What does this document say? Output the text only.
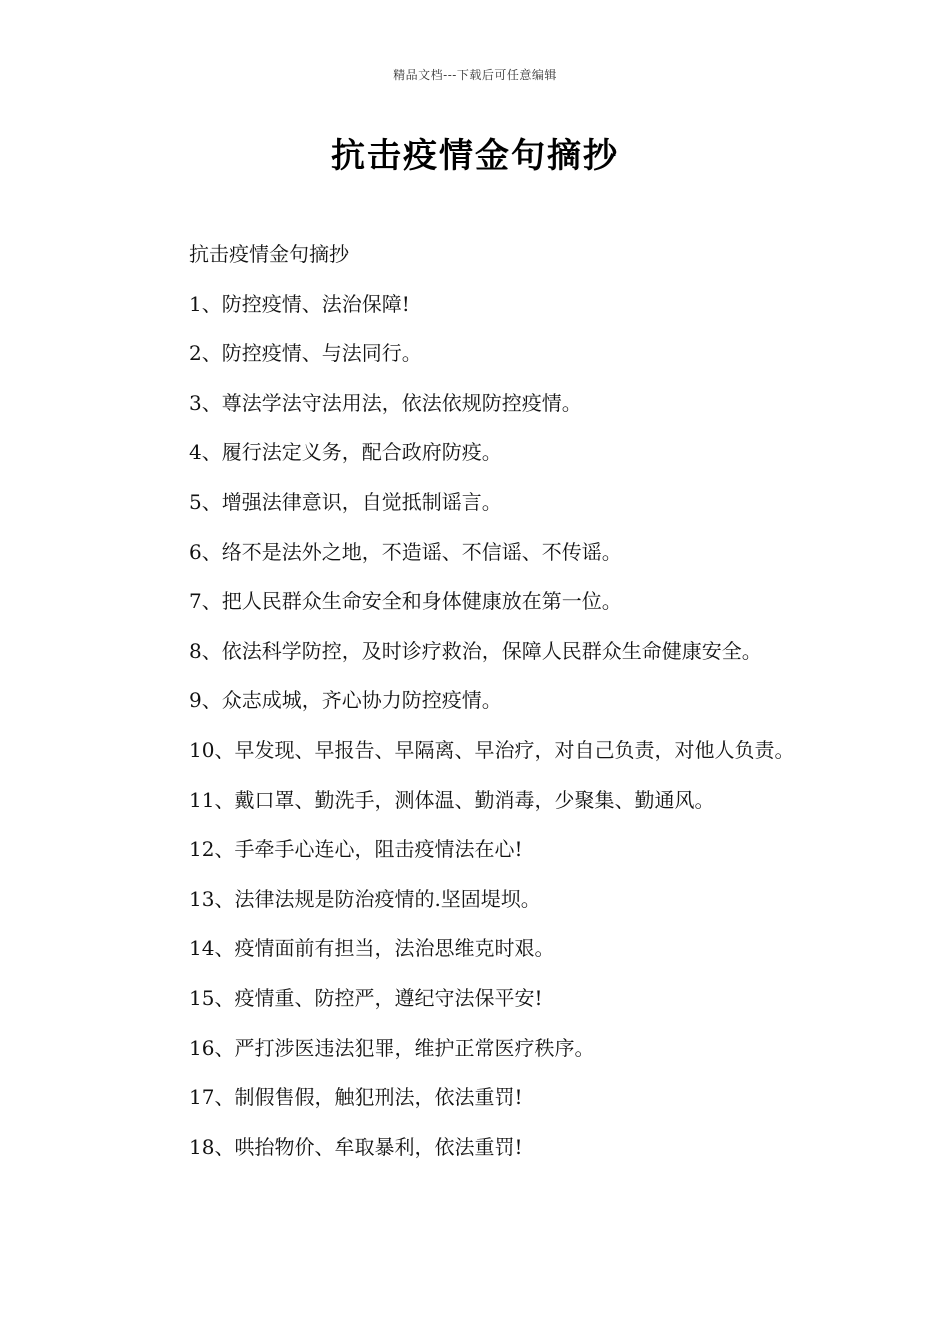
精品文档---下载后可任意编辑
抗击疫情金句摘抄

抗击疫情金句摘抄

1、防控疫情、法治保障!

2、防控疫情、与法同行。

3、尊法学法守法用法，依法依规防控疫情。

4、履行法定义务，配合政府防疫。

5、增强法律意识，自觉抵制谣言。

6、络不是法外之地，不造谣、不信谣、不传谣。

7、把人民群众生命安全和身体健康放在第一位。

8、依法科学防控，及时诊疗救治，保障人民群众生命健康安全。

9、众志成城，齐心协力防控疫情。

10、早发现、早报告、早隔离、早治疗，对自己负责，对他人负责。

11、戴口罩、勤洗手，测体温、勤消毒，少聚集、勤通风。

12、手牵手心连心，阻击疫情法在心!

13、法律法规是防治疫情的.坚固堤坝。

14、疫情面前有担当，法治思维克时艰。

15、疫情重、防控严，遵纪守法保平安!

16、严打涉医违法犯罪，维护正常医疗秩序。

17、制假售假，触犯刑法，依法重罚!

18、哄抬物价、牟取暴利，依法重罚!
